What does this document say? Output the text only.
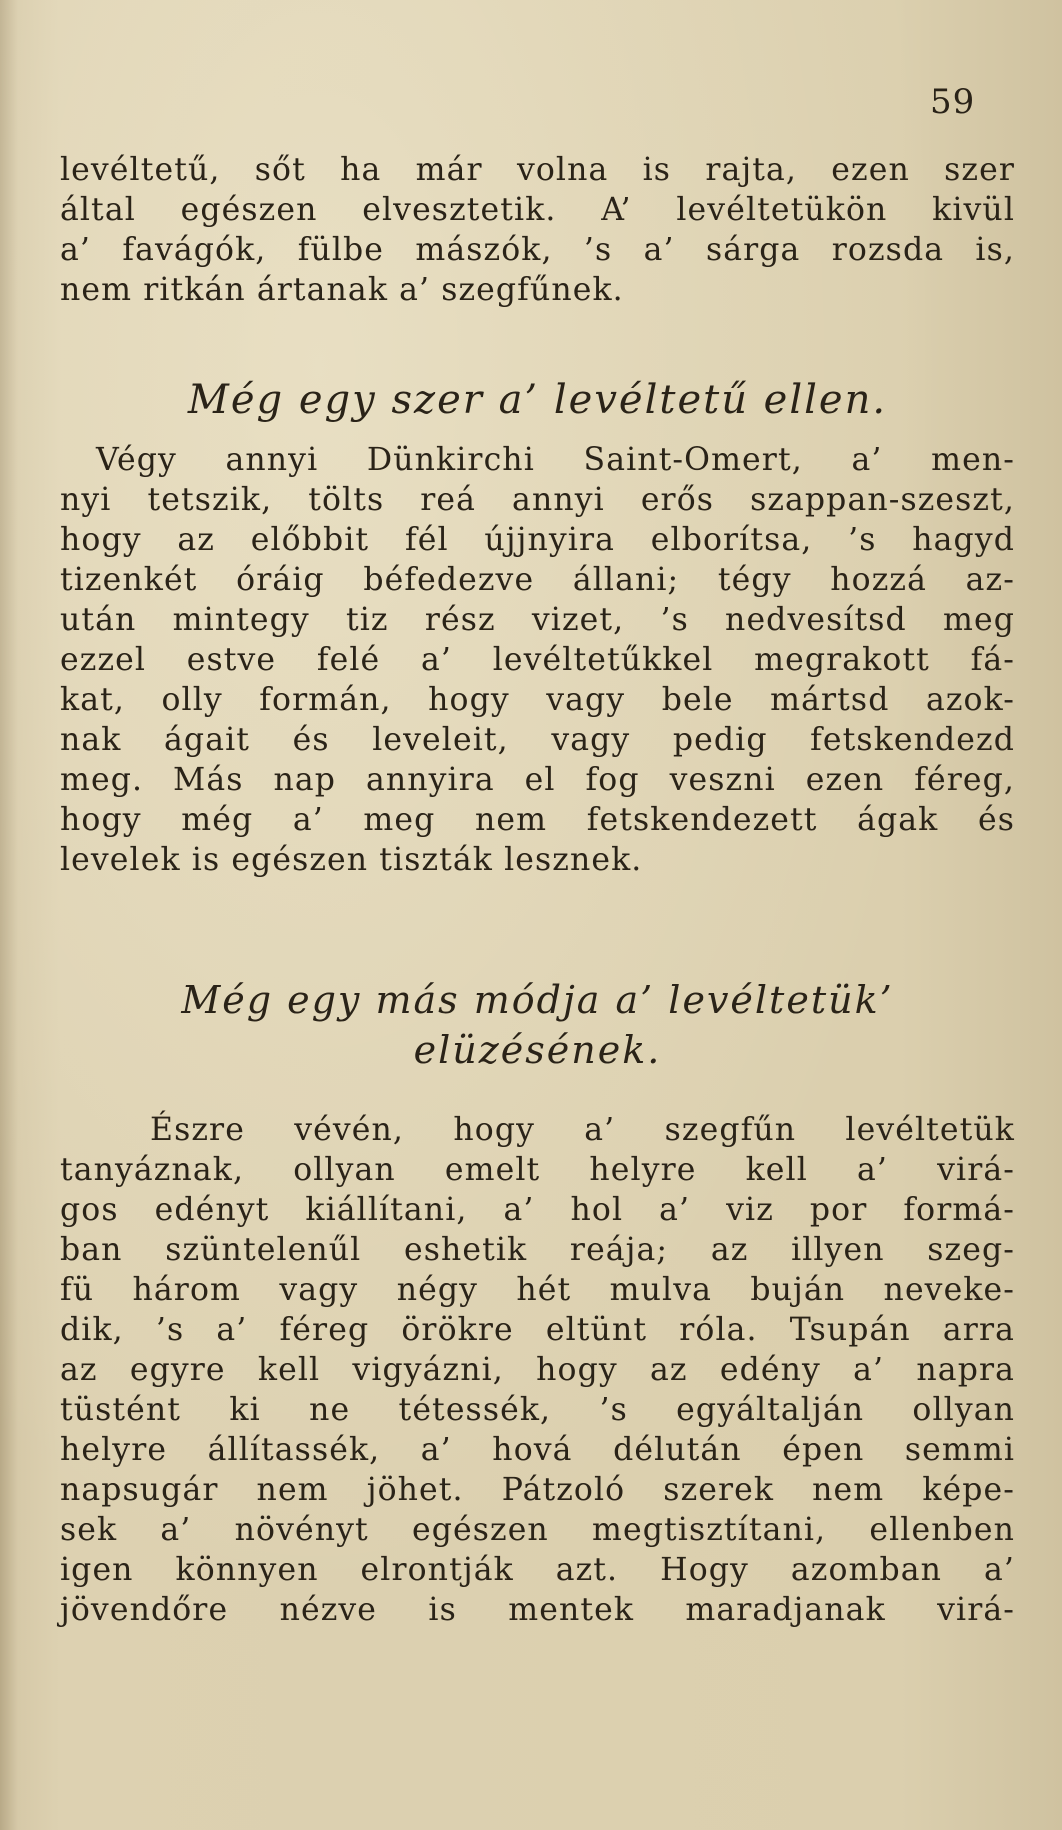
59
levéltetű, sőt ha már volna is rajta, ezen szer
által egészen elvesztetik. A’ levéltetükön kivül
a’ favágók, fülbe mászók, ’s a’ sárga rozsda is,
nem ritkán ártanak a’ szegfűnek.
Még egy szer a’ levéltetű ellen.
Végy annyi Dünkirchi Saint-Omert, a’ men-
nyi tetszik, tölts reá annyi erős szappan-szeszt,
hogy az előbbit fél újjnyira elborítsa, ’s hagyd
tizenkét óráig béfedezve állani; tégy hozzá az-
után mintegy tiz rész vizet, ’s nedvesítsd meg
ezzel estve felé a’ levéltetűkkel megrakott fá-
kat, olly formán, hogy vagy bele mártsd azok-
nak ágait és leveleit, vagy pedig fetskendezd
meg. Más nap annyira el fog veszni ezen féreg,
hogy még a’ meg nem fetskendezett ágak és
levelek is egészen tiszták lesznek.
Még egy más módja a’ levéltetük’
elüzésének.
Észre vévén, hogy a’ szegfűn levéltetük
tanyáznak, ollyan emelt helyre kell a’ virá-
gos edényt kiállítani, a’ hol a’ viz por formá-
ban szüntelenűl eshetik reája; az illyen szeg-
fü három vagy négy hét mulva buján neveke-
dik, ’s a’ féreg örökre eltünt róla. Tsupán arra
az egyre kell vigyázni, hogy az edény a’ napra
tüstént ki ne tétessék, ’s egyáltalján ollyan
helyre állítassék, a’ hová délután épen semmi
napsugár nem jöhet. Pátzoló szerek nem képe-
sek a’ növényt egészen megtisztítani, ellenben
igen könnyen elrontják azt. Hogy azomban a’
jövendőre nézve is mentek maradjanak virá-
